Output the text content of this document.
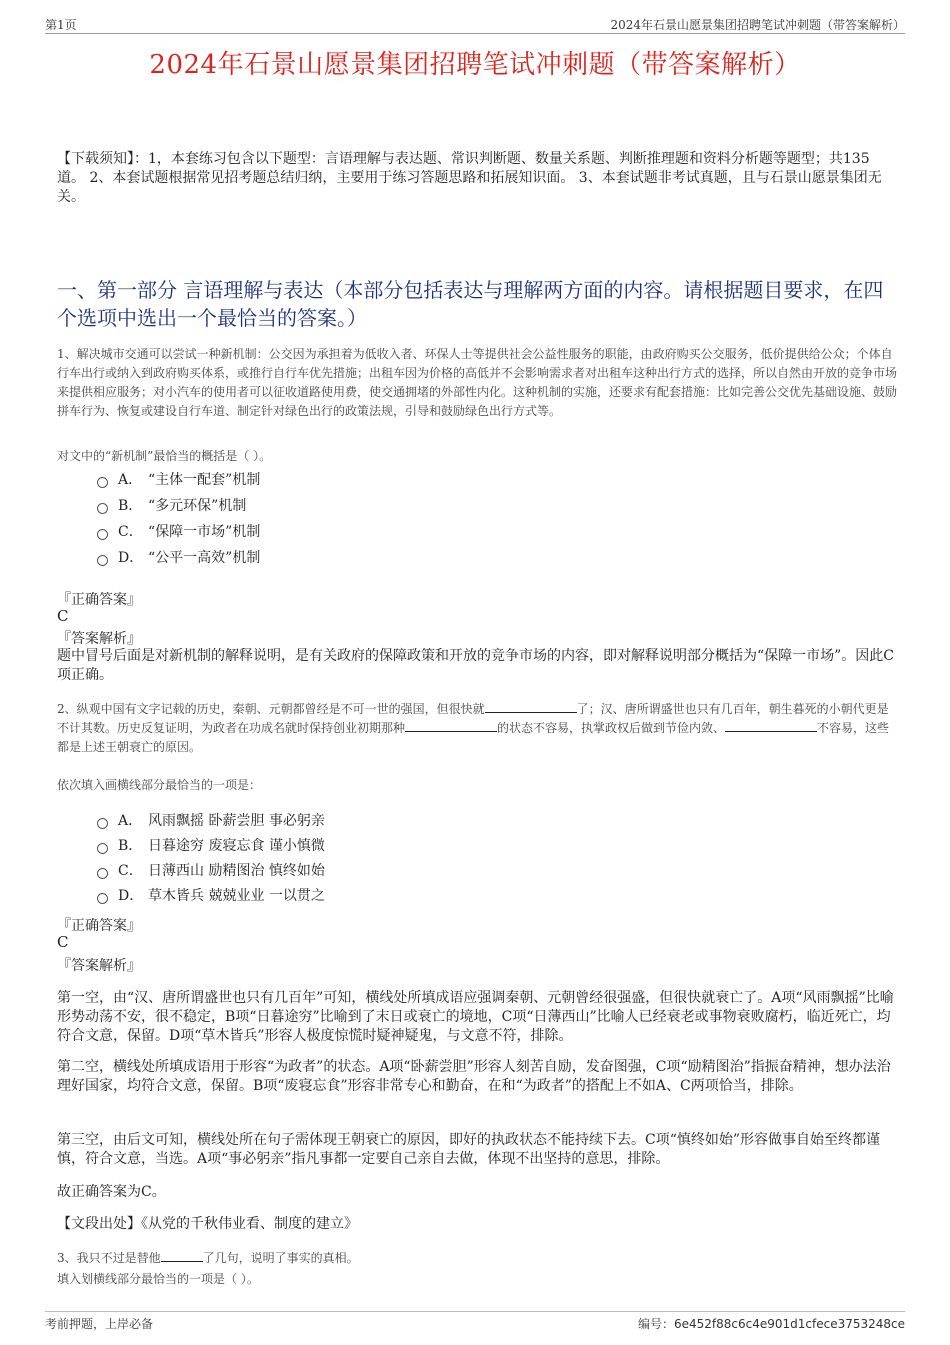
第1页	2024年石景山愿景集团招聘笔试冲刺题（带答案解析）
2024年石景山愿景集团招聘笔试冲刺题（带答案解析）
【下载须知】：1，本套练习包含以下题型：言语理解与表达题、常识判断题、数量关系题、判断推理题和资料分析题等题型；共135道。 2、本套试题根据常见招考题总结归纳，主要用于练习答题思路和拓展知识面。 3、本套试题非考试真题，且与石景山愿景集团无关。
一、第一部分 言语理解与表达（本部分包括表达与理解两方面的内容。请根据题目要求，在四个选项中选出一个最恰当的答案。）
1、解决城市交通可以尝试一种新机制：公交因为承担着为低收入者、环保人士等提供社会公益性服务的职能，由政府购买公交服务，低价提供给公众；个体自行车出行或纳入到政府购买体系，或推行自行车优先措施；出租车因为价格的高低并不会影响需求者对出租车这种出行方式的选择，所以自然由开放的竞争市场来提供相应服务；对小汽车的使用者可以征收道路使用费，使交通拥堵的外部性内化。这种机制的实施，还要求有配套措施：比如完善公交优先基础设施、鼓励拼车行为、恢复或建设自行车道、制定针对绿色出行的政策法规，引导和鼓励绿色出行方式等。
对文中的“新机制”最恰当的概括是（ ）。
A． “主体一配套”机制
B． “多元环保”机制
C． “保障一市场”机制
D． “公平一高效”机制
『正确答案』
C
『答案解析』
题中冒号后面是对新机制的解释说明，是有关政府的保障政策和开放的竞争市场的内容，即对解释说明部分概括为“保障一市场”。因此C项正确。
2、纵观中国有文字记载的历史，秦朝、元朝都曾经是不可一世的强国，但很快就	了；汉、唐所谓盛世也只有几百年，朝生暮死的小朝代更是不计其数。历史反复证明，为政者在功成名就时保持创业初期那种	的状态不容易，执掌政权后做到节俭内敛、	不容易，这些都是上述王朝衰亡的原因。
依次填入画横线部分最恰当的一项是：
A． 风雨飘摇 卧薪尝胆 事必躬亲
B． 日暮途穷 废寝忘食 谨小慎微
C． 日薄西山 励精图治 慎终如始
D． 草木皆兵 兢兢业业 一以贯之
『正确答案』
C
『答案解析』
第一空，由“汉、唐所谓盛世也只有几百年”可知，横线处所填成语应强调秦朝、元朝曾经很强盛，但很快就衰亡了。A项“风雨飘摇”比喻形势动荡不安，很不稳定，B项“日暮途穷”比喻到了末日或衰亡的境地，C项“日薄西山”比喻人已经衰老或事物衰败腐朽，临近死亡，均符合文意，保留。D项“草木皆兵”形容人极度惊慌时疑神疑鬼，与文意不符，排除。
第二空，横线处所填成语用于形容“为政者”的状态。A项“卧薪尝胆”形容人刻苦自励，发奋图强，C项“励精图治”指振奋精神，想办法治理好国家，均符合文意，保留。B项“废寝忘食”形容非常专心和勤奋，在和“为政者”的搭配上不如A、C两项恰当，排除。
第三空，由后文可知，横线处所在句子需体现王朝衰亡的原因，即好的执政状态不能持续下去。C项“慎终如始”形容做事自始至终都谨慎，符合文意，当选。A项“事必躬亲”指凡事都一定要自己亲自去做，体现不出坚持的意思，排除。
故正确答案为C。
【文段出处】《从党的千秋伟业看、制度的建立》
3、我只不过是替他	了几句，说明了事实的真相。
填入划横线部分最恰当的一项是（ ）。
考前押题，上岸必备	编号：6e452f88c6c4e901d1cfece3753248ce
